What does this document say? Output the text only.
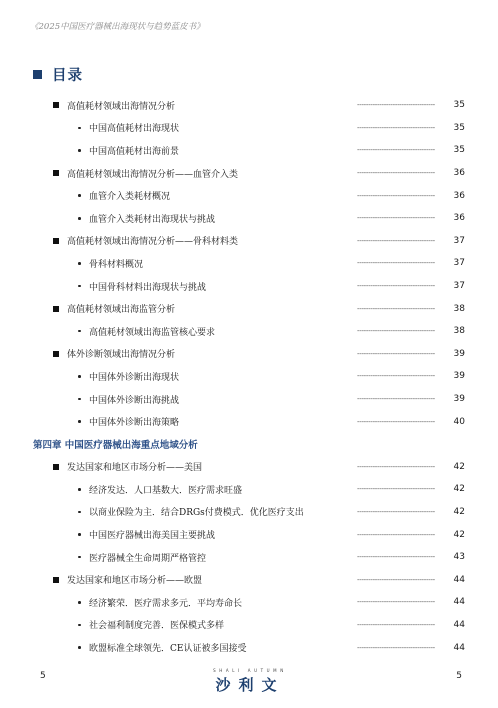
《2025中国医疗器械出海现状与趋势蓝皮书》
目录
高值耗材领域出海情况分析	----------------------------------- 35
中国高值耗材出海现状	----------------------------------- 35
中国高值耗材出海前景	----------------------------------- 35
高值耗材领域出海情况分析——血管介入类	----------------------------------- 36
血管介入类耗材概况	----------------------------------- 36
血管介入类耗材出海现状与挑战	----------------------------------- 36
高值耗材领域出海情况分析——骨科材料类	----------------------------------- 37
骨科材料概况	----------------------------------- 37
中国骨科材料出海现状与挑战	----------------------------------- 37
高值耗材领域出海监管分析	----------------------------------- 38
高值耗材领域出海监管核心要求	----------------------------------- 38
体外诊断领域出海情况分析	----------------------------------- 39
中国体外诊断出海现状	----------------------------------- 39
中国体外诊断出海挑战	----------------------------------- 39
中国体外诊断出海策略	----------------------------------- 40
第四章 中国医疗器械出海重点地域分析
发达国家和地区市场分析——美国	----------------------------------- 42
经济发达．人口基数大．医疗需求旺盛	----------------------------------- 42
以商业保险为主．结合DRGs付费模式．优化医疗支出	----------------------------------- 42
中国医疗器械出海美国主要挑战	----------------------------------- 42
医疗器械全生命周期严格管控	----------------------------------- 43
发达国家和地区市场分析——欧盟	----------------------------------- 44
经济繁荣．医疗需求多元．平均寿命长	----------------------------------- 44
社会福利制度完善．医保模式多样	----------------------------------- 44
欧盟标准全球领先．CE认证被多国接受	----------------------------------- 44
5
SHALI AUTUMN
沙利文	5
